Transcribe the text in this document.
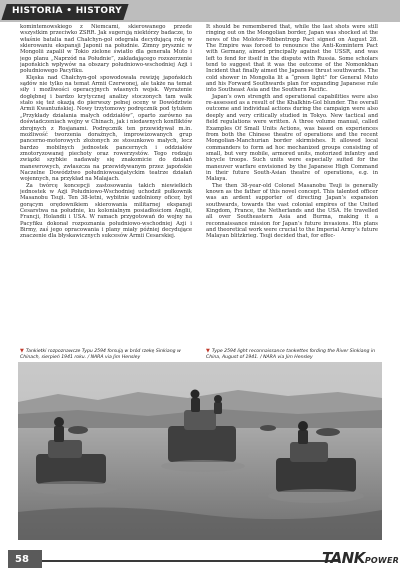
HISTORIA • HISTORY

komintemowskiego z Niemcami, skierowanego przede wszystkim przeciwko ZSRR. Jak sugerują niektórzy badacze, to właśnie batalia nad Chałchyn-goł odegrała decydującą rolę w skierowaniu ekspansji Japonii na południe. Zimny prysznic w Mongolii zapalił w Tokio zielone światło dla generała Muto i jego planu „Naprzód na Południe”, zakładającego rozszerzenie japońskich wpływów na obszary południowo-wschodniej Azji i południowego Pacyfiku.

Klęska nad Chałchyn-goł spowodowała rewizję japońskich sądów nie tylko na temat Armii Czerwonej, ale także na temat siły i możliwości operacyjnych własnych wojsk. Wyrażenie dogłębnej i bardzo krytycznej analizy stoczonych tam walk stało się też okazją do pierwszy pełnej oceny w Dowództwie Armii Kwantuńskiej. Nowy trzytomowy podręcznik pod tytułem „Przykłady działania małych oddziałów”, oparto zarówno na doświadczeniach wojny w Chinach, jak i niedawnych konfliktów zbrojnych z Rosjanami. Podręcznik ten przewidywał m.in. możliwość tworzenia doraźnych, improwizowanych grup pancerno-motorowych złożonych ze stosunkowo małych, lecz bardzo mobilnych jednostek pancernych i oddziałów zmotoryzowanej piechoty oraz rowerzystów. Tego rodzaju związki szybkie nadawały się znakomicie do działań manewrowych, zwłaszcza na przewidywanym przez japońskie Naczelne Dowództwo południowoazjatyckim teatrze działań wojennych, na przykład na Malajach.

Za twórcę koncepcji zastosowania takich niewielkich jednostek w Azji Południowo-Wschodniej uchodził pułkownik Masanobu Tsuji. Ten 38-letni, wybitnie uzdolniony oficer, był gorącym orędownikiem skierowania militarnej ekspansji Cesarstwa na południe, ku kolonialnym posiadłościom Anglii, Francji, Holandii i USA. W ramach przygotowań do wojny na Pacyfiku dokonał rozpoznania południowo-wschodniej Azji i Birmy, zaś jego opracowania i plany miały później decydujące znaczenie dla błyskawicznych sukcesów Armii Cesarskiej.

It should be remembered that, while the last shots were still ringing out on the Mongolian border, Japan was shocked at the news of the Molotov-Ribbentropp Pact signed on August 28. The Empire was forced to renounce the Anti-Komintern Pact with Germany, aimed principally against the USSR, and was left to fend for itself in the dispute with Russia. Some scholars tend to suggest that it was the outcome of the Nomonkhan Incident that finally aimed the Japanese thrust southwards. The cold shower in Mongolia lit a “green light” for General Muto and his Forward Southwards plan for expanding Japanese rule into Southeast Asia and the Southern Pacific.

Japan’s own strength and operational capabilities were also re-assessed as a result of the Khalkhin-Gol blunder. The overall outcome and individual actions during the campaign were also deeply and very critically studied in Tokyo. New tactical and field regulations were written. A three volume manual, called Examples Of Small Units Actions, was based on experiences from both the Chinese theatre of operations and the recent Mongolian-Manchurian border skirmishes. It allowed local commanders to form ad hoc mechanized groups consisting of small, but very mobile, armored units, motorized infantry and bicycle troops. Such units were especially suited for the maneuver warfare envisioned by the Japanese High Command in their future South-Asian theatre of operations, e.g. in Malaya.

The then 38-year-old Colonel Masanobu Tsuji is generally known as the father of this novel concept. This talented officer was an ardent supporter of directing Japan’s expansion southwards, towards the vast colonial empires of the United Kingdom, France, the Netherlands and the USA. He travelled all over Southeastern Asia and Burma, making it a reconnaissance mission for Japan’s future invasions. His plans and theoretical work were crucial to the Imperial Army’s future Malayan blitzkrieg. Tsuji decided that, for effec-

▼ Tankietki rozpoznawcze Typu 2594 forsują w bród rzekę Sinkiang w Chinach, sierpień 1941 roku. / NARA via Jim Hensley
▼ Type 2594 light reconnaissance tankettes fording the River Sinkiang in China, August of 1941. / NARA via Jim Hensley
58	TANKPOWER
